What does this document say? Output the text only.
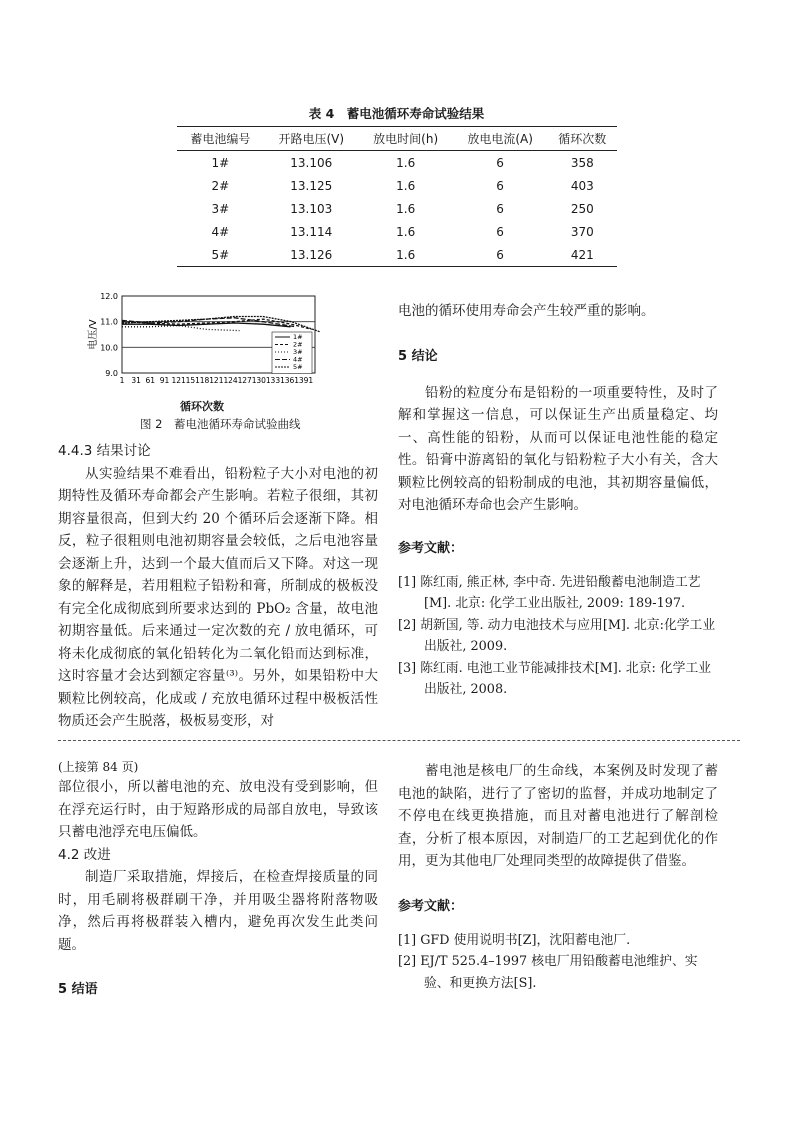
表 4　蓄电池循环寿命试验结果
蓄电池编号	开路电压(V)	放电时间(h)	放电电流(A)	循环次数
1#	13.106	1.6	6	358
2#	13.125	1.6	6	403
3#	13.103	1.6	6	250
4#	13.114	1.6	6	370
5#	13.126	1.6	6	421
9.0
10.0
11.0
12.0
1 31 61 91 121 151 181 211 241 271 301 331 361 391
电压/V	1#
2#
3#
4#
5#
循环次数
图 2　蓄电池循环寿命试验曲线

4.4.3 结果讨论

从实验结果不难看出，铅粉粒子大小对电池的初期特性及循环寿命都会产生影响。若粒子很细，其初期容量很高，但到大约 20 个循环后会逐渐下降。相反，粒子很粗则电池初期容量会较低，之后电池容量会逐渐上升，达到一个最大值而后又下降。对这一现象的解释是，若用粗粒子铅粉和膏，所制成的极板没有完全化成彻底到所要求达到的 PbO₂ 含量，故电池初期容量低。后来通过一定次数的充 / 放电循环，可将未化成彻底的氧化铅转化为二氧化铅而达到标准，这时容量才会达到额定容量⁽³⁾。另外，如果铅粉中大颗粒比例较高，化成或 / 充放电循环过程中极板活性物质还会产生脱落，极板易变形，对

电池的循环使用寿命会产生较严重的影响。

5 结论

铅粉的粒度分布是铅粉的一项重要特性，及时了解和掌握这一信息，可以保证生产出质量稳定、均一、高性能的铅粉，从而可以保证电池性能的稳定性。铅膏中游离铅的氧化与铅粉粒子大小有关，含大颗粒比例较高的铅粉制成的电池，其初期容量偏低，对电池循环寿命也会产生影响。

参考文献：

[1] 陈红雨, 熊正林, 李中奇. 先进铅酸蓄电池制造工艺[M]. 北京: 化学工业出版社, 2009: 189-197.

[2] 胡新国, 等. 动力电池技术与应用[M]. 北京:化学工业出版社, 2009.

[3] 陈红雨. 电池工业节能减排技术[M]. 北京: 化学工业出版社, 2008.

(上接第 84 页)

部位很小，所以蓄电池的充、放电没有受到影响，但在浮充运行时，由于短路形成的局部自放电，导致该只蓄电池浮充电压偏低。

4.2 改进

制造厂采取措施，焊接后，在检查焊接质量的同时，用毛刷将极群刷干净，并用吸尘器将附落物吸净，然后再将极群装入槽内，避免再次发生此类问题。

5 结语

蓄电池是核电厂的生命线，本案例及时发现了蓄电池的缺陷，进行了了密切的监督，并成功地制定了不停电在线更换措施，而且对蓄电池进行了解剖检查，分析了根本原因，对制造厂的工艺起到优化的作用，更为其他电厂处理同类型的故障提供了借鉴。

参考文献：

[1] GFD 使用说明书[Z]，沈阳蓄电池厂.

[2] EJ/T 525.4–1997 核电厂用铅酸蓄电池维护、实验、和更换方法[S].
